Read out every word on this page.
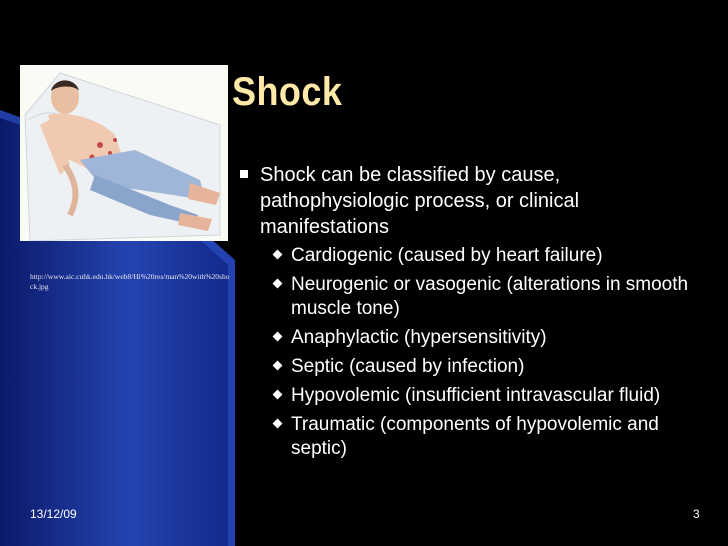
http://www.aic.cuhk.edu.hk/web8/Hi%20res/man%20with%20shock.jpg
Shock

Shock can be classified by cause, pathophysiologic process, or clinical manifestations

Cardiogenic (caused by heart failure)
Neurogenic or vasogenic (alterations in smooth muscle tone)
Anaphylactic (hypersensitivity)
Septic (caused by infection)
Hypovolemic (insufficient intravascular fluid)
Traumatic (components of hypovolemic and septic)
13/12/09	3
